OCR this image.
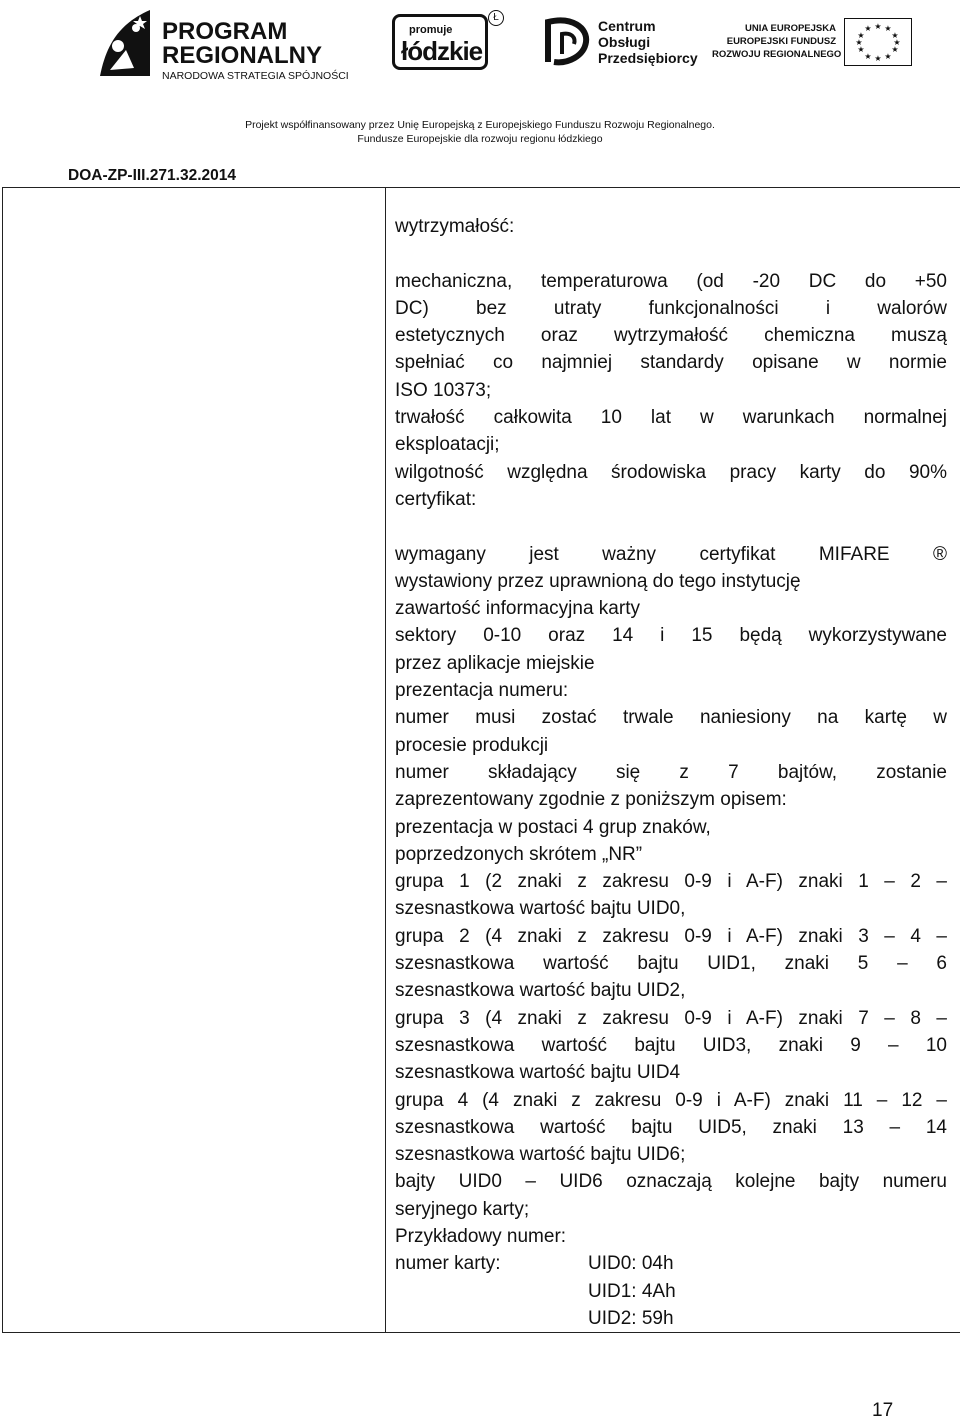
PROGRAM
REGIONALNY
NARODOWA STRATEGIA SPÓJNOŚCI
promuje
łódzkie
Ł
Centrum
Obsługi
Przedsiębiorcy
UNIA EUROPEJSKA
EUROPEJSKI FUNDUSZ
ROZWOJU REGIONALNEGO
★ ★
★
★
★
★
★
★
★
★
★
★
Projekt współfinansowany przez Unię Europejską z Europejskiego Funduszu Rozwoju Regionalnego.
Fundusze Europejskie dla rozwoju regionu łódzkiego
DOA-ZP-III.271.32.2014
wytrzymałość:
mechaniczna, temperaturowa (od -20 DC do +50
DC) bez utraty funkcjonalności i walorów
estetycznych oraz wytrzymałość chemiczna muszą
spełniać co najmniej standardy opisane w normie
ISO 10373;
trwałość całkowita 10 lat w warunkach normalnej
eksploatacji;
wilgotność względna środowiska pracy karty do 90%
certyfikat:
wymagany jest ważny certyfikat MIFARE ®
wystawiony przez uprawnioną do tego instytucję
zawartość informacyjna karty
sektory 0-10 oraz 14 i 15 będą wykorzystywane
przez aplikacje miejskie
prezentacja numeru:
numer musi zostać trwale naniesiony na kartę w
procesie produkcji
numer składający się z 7 bajtów, zostanie
zaprezentowany zgodnie z poniższym opisem:
prezentacja w postaci 4 grup znaków,
poprzedzonych skrótem „NR”
grupa 1 (2 znaki z zakresu 0-9 i A-F) znaki 1 – 2 –
szesnastkowa wartość bajtu UID0,
grupa 2 (4 znaki z zakresu 0-9 i A-F) znaki 3 – 4 –
szesnastkowa wartość bajtu UID1, znaki 5 – 6
szesnastkowa wartość bajtu UID2,
grupa 3 (4 znaki z zakresu 0-9 i A-F) znaki 7 – 8 –
szesnastkowa wartość bajtu UID3, znaki 9 – 10
szesnastkowa wartość bajtu UID4
grupa 4 (4 znaki z zakresu 0-9 i A-F) znaki 11 – 12 –
szesnastkowa wartość bajtu UID5, znaki 13 – 14
szesnastkowa wartość bajtu UID6;
bajty UID0 – UID6 oznaczają kolejne bajty numeru
seryjnego karty;
Przykładowy numer:
numer karty:	UID0: 04h
UID1: 4Ah
UID2: 59h
17
